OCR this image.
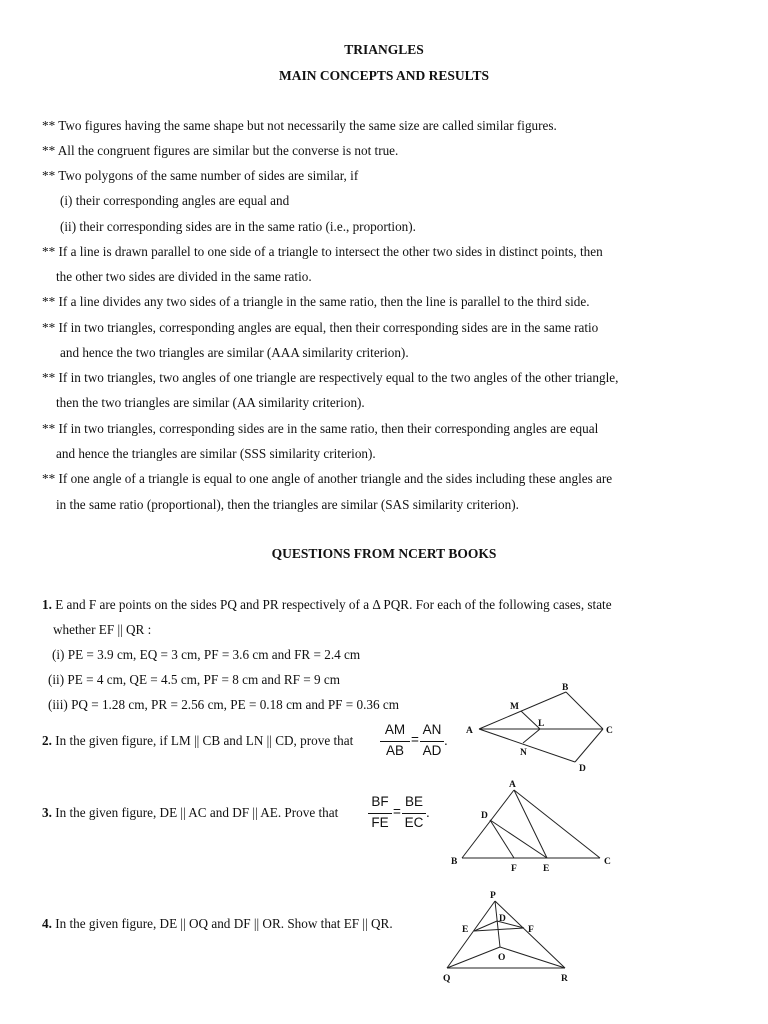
TRIANGLES
MAIN CONCEPTS AND RESULTS
** Two figures having the same shape but not necessarily the same size are called similar figures.
** All the congruent figures are similar but the converse is not true.
** Two polygons of the same number of sides are similar, if
(i) their corresponding angles are equal and
(ii) their corresponding sides are in the same ratio (i.e., proportion).
** If a line is drawn parallel to one side of a triangle to intersect the other two sides in distinct points, then
the other two sides are divided in the same ratio.
** If a line divides any two sides of a triangle in the same ratio, then the line is parallel to the third side.
** If in two triangles, corresponding angles are equal, then their corresponding sides are in the same ratio
and hence the two triangles are similar (AAA similarity criterion).
** If in two triangles, two angles of one triangle are respectively equal to the two angles of the other triangle,
then the two triangles are similar (AA similarity criterion).
** If in two triangles, corresponding sides are in the same ratio, then their corresponding angles are equal
and hence the triangles are similar (SSS similarity criterion).
** If one angle of a triangle is equal to one angle of another triangle and the sides including these angles are
in the same ratio (proportional), then the triangles are similar (SAS similarity criterion).
QUESTIONS FROM NCERT BOOKS
1. E and F are points on the sides PQ and PR respectively of a Δ PQR. For each of the following cases, state
whether EF || QR :
(i) PE = 3.9 cm, EQ = 3 cm, PF = 3.6 cm and FR = 2.4 cm
(ii) PE = 4 cm, QE = 4.5 cm, PF = 8 cm and RF = 9 cm
(iii) PQ = 1.28 cm, PR = 2.56 cm, PE = 0.18 cm and PF = 0.36 cm
2. In the given figure, if LM || CB and LN || CD, prove that
AM
AB
=
AN
AD
.
A
B
C
D
L
M
N
3. In the given figure, DE || AC and DF || AE. Prove that
BF
FE
=
BE
EC
.
A
B	C
D
E
F
4. In the given figure, DE || OQ and DF || OR. Show that EF || QR.
P
Q	R
D
E	F
O
